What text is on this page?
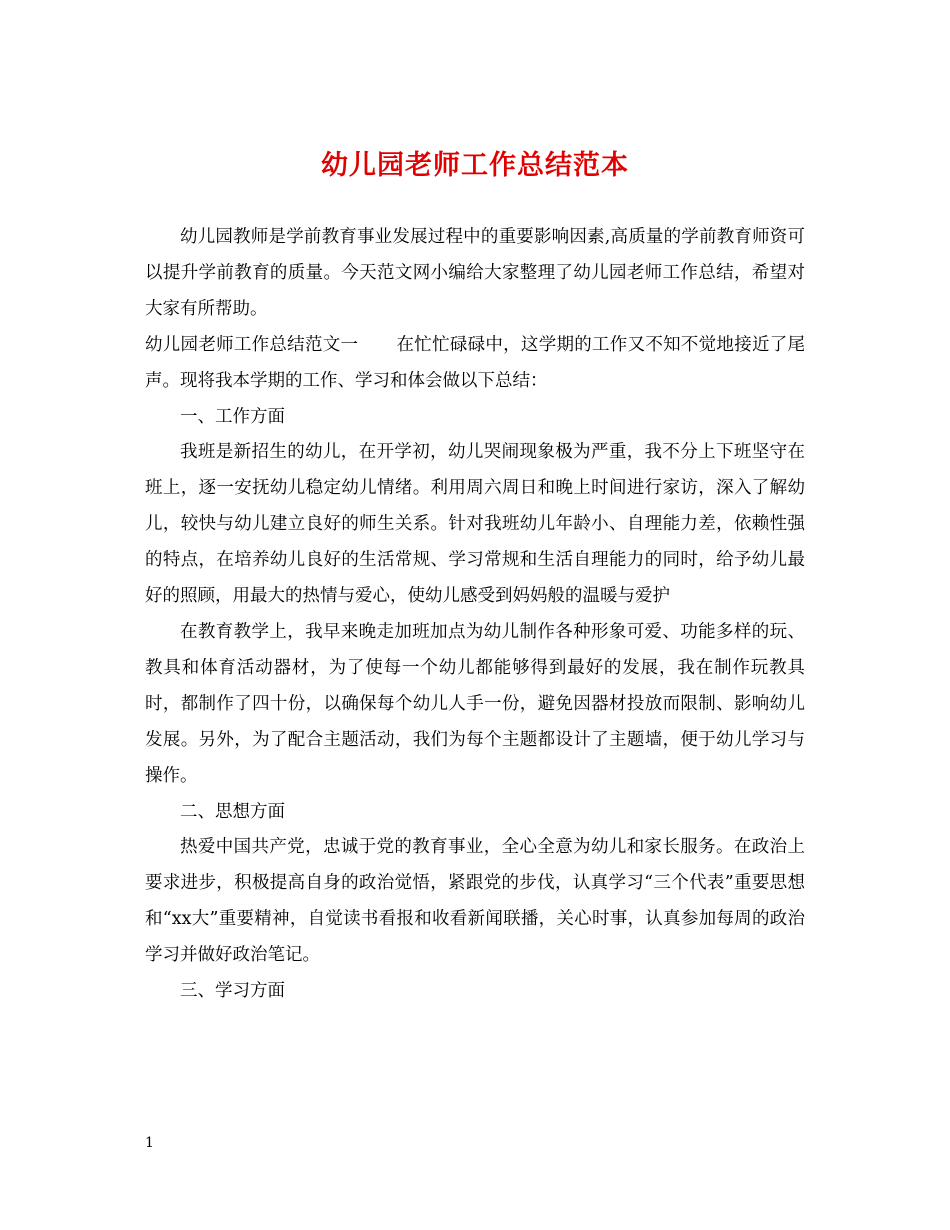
幼儿园老师工作总结范本

幼儿园教师是学前教育事业发展过程中的重要影响因素,高质量的学前教育师资可以提升学前教育的质量。今天范文网小编给大家整理了幼儿园老师工作总结，希望对大家有所帮助。

幼儿园老师工作总结范文一 在忙忙碌碌中，这学期的工作又不知不觉地接近了尾声。现将我本学期的工作、学习和体会做以下总结：

一、工作方面

我班是新招生的幼儿，在开学初，幼儿哭闹现象极为严重，我不分上下班坚守在班上，逐一安抚幼儿稳定幼儿情绪。利用周六周日和晚上时间进行家访，深入了解幼儿，较快与幼儿建立良好的师生关系。针对我班幼儿年龄小、自理能力差，依赖性强的特点，在培养幼儿良好的生活常规、学习常规和生活自理能力的同时，给予幼儿最好的照顾，用最大的热情与爱心，使幼儿感受到妈妈般的温暖与爱护

在教育教学上，我早来晚走加班加点为幼儿制作各种形象可爱、功能多样的玩、教具和体育活动器材，为了使每一个幼儿都能够得到最好的发展，我在制作玩教具时，都制作了四十份，以确保每个幼儿人手一份，避免因器材投放而限制、影响幼儿发展。另外，为了配合主题活动，我们为每个主题都设计了主题墙，便于幼儿学习与操作。

二、思想方面

热爱中国共产党，忠诚于党的教育事业，全心全意为幼儿和家长服务。在政治上要求进步，积极提高自身的政治觉悟，紧跟党的步伐，认真学习“三个代表”重要思想和“xx大”重要精神，自觉读书看报和收看新闻联播，关心时事，认真参加每周的政治学习并做好政治笔记。

三、学习方面

1
